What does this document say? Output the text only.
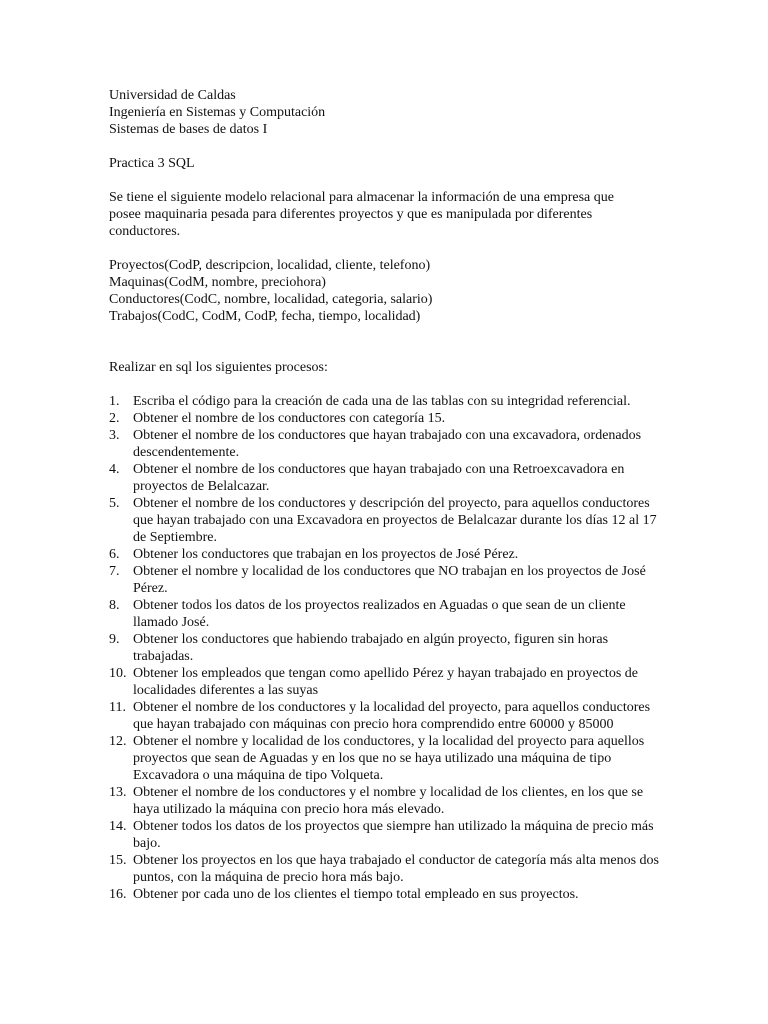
Universidad de Caldas
Ingeniería en Sistemas y Computación
Sistemas de bases de datos I
Practica 3 SQL
Se tiene el siguiente modelo relacional para almacenar la información de una empresa que posee maquinaria pesada para diferentes proyectos y que es manipulada por diferentes conductores.
Proyectos(CodP, descripcion, localidad, cliente, telefono)
Maquinas(CodM, nombre, preciohora)
Conductores(CodC, nombre, localidad, categoria, salario)
Trabajos(CodC, CodM, CodP, fecha, tiempo, localidad)
Realizar en sql los siguientes procesos:
1. Escriba el código para la creación de cada una de las tablas con su integridad referencial.
2. Obtener el nombre de los conductores con categoría 15.
3. Obtener el nombre de los conductores que hayan trabajado con una excavadora, ordenados descendentemente.
4. Obtener el nombre de los conductores que hayan trabajado con una Retroexcavadora en proyectos de Belalcazar.
5. Obtener el nombre de los conductores y descripción del proyecto, para aquellos conductores que hayan trabajado con una Excavadora en proyectos de Belalcazar durante los días 12 al 17 de Septiembre.
6. Obtener los conductores que trabajan en los proyectos de José Pérez.
7. Obtener el nombre y localidad de los conductores que NO trabajan en los proyectos de José Pérez.
8. Obtener todos los datos de los proyectos realizados en Aguadas o que sean de un cliente llamado José.
9. Obtener los conductores que habiendo trabajado en algún proyecto, figuren sin horas trabajadas.
10. Obtener los empleados que tengan como apellido Pérez y hayan trabajado en proyectos de localidades diferentes a las suyas
11. Obtener el nombre de los conductores y la localidad del proyecto, para aquellos conductores que hayan trabajado con máquinas con precio hora comprendido entre 60000 y 85000
12. Obtener el nombre y localidad de los conductores, y la localidad del proyecto para aquellos proyectos que sean de Aguadas y en los que no se haya utilizado una máquina de tipo Excavadora o una máquina de tipo Volqueta.
13. Obtener el nombre de los conductores y el nombre y localidad de los clientes, en los que se haya utilizado la máquina con precio hora más elevado.
14. Obtener todos los datos de los proyectos que siempre han utilizado la máquina de precio más bajo.
15. Obtener los proyectos en los que haya trabajado el conductor de categoría más alta menos dos puntos, con la máquina de precio hora más bajo.
16. Obtener por cada uno de los clientes el tiempo total empleado en sus proyectos.
